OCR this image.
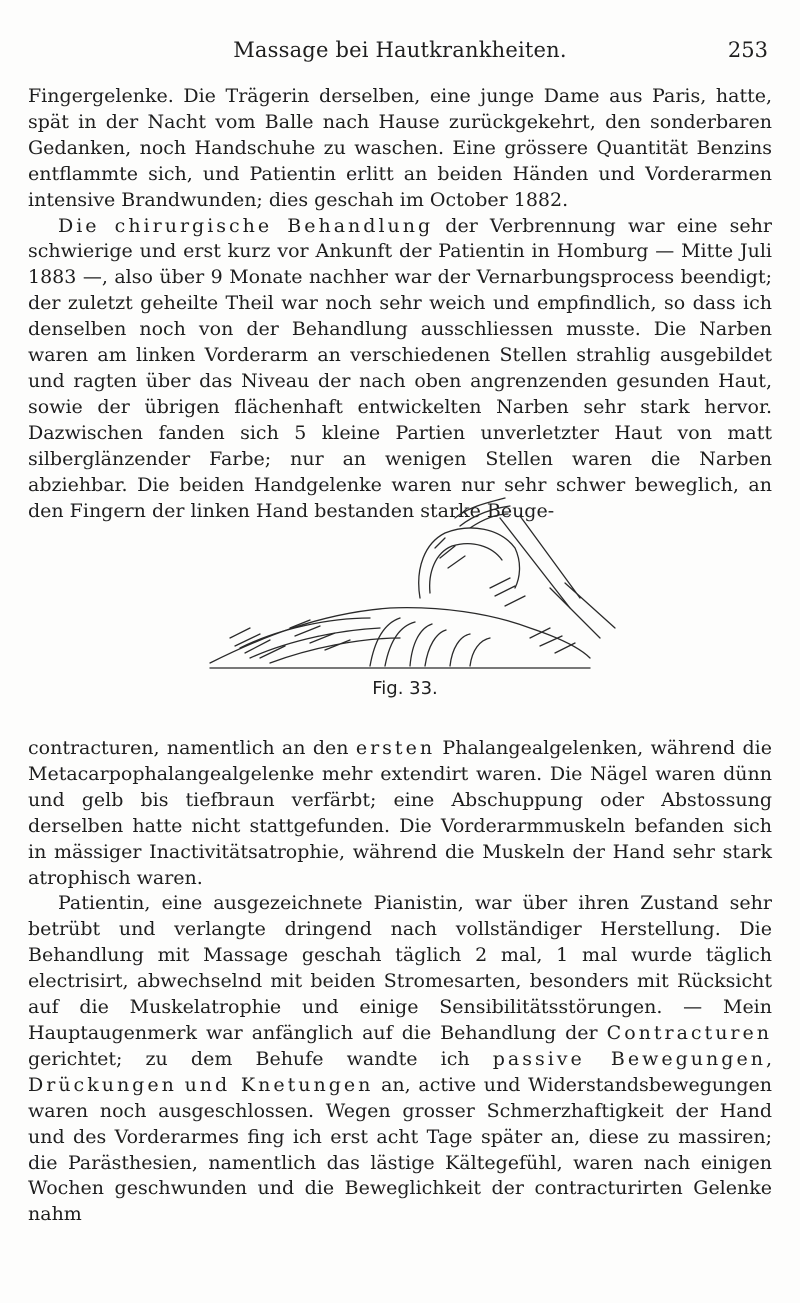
Massage bei Hautkrankheiten.	253

Fingergelenke. Die Trägerin derselben, eine junge Dame aus Paris, hatte, spät in der Nacht vom Balle nach Hause zurückgekehrt, den sonderbaren Gedanken, noch Handschuhe zu waschen. Eine grössere Quantität Benzins entflammte sich, und Patientin erlitt an beiden Händen und Vorderarmen intensive Brandwunden; dies geschah im October 1882.

Die chirurgische Behandlung der Verbrennung war eine sehr schwierige und erst kurz vor Ankunft der Patientin in Homburg — Mitte Juli 1883 —, also über 9 Monate nachher war der Vernarbungsprocess beendigt; der zuletzt geheilte Theil war noch sehr weich und empfindlich, so dass ich denselben noch von der Behandlung ausschliessen musste. Die Narben waren am linken Vorderarm an verschiedenen Stellen strahlig ausgebildet und ragten über das Niveau der nach oben angrenzenden gesunden Haut, sowie der übrigen flächenhaft entwickelten Narben sehr stark hervor. Dazwischen fanden sich 5 kleine Partien unverletzter Haut von matt silberglänzender Farbe; nur an wenigen Stellen waren die Narben abziehbar. Die beiden Handgelenke waren nur sehr schwer beweglich, an den Fingern der linken Hand bestanden starke Beuge-

Fig. 33.

contracturen, namentlich an den ersten Phalangealgelenken, während die Metacarpophalangealgelenke mehr extendirt waren. Die Nägel waren dünn und gelb bis tiefbraun verfärbt; eine Abschuppung oder Abstossung derselben hatte nicht stattgefunden. Die Vorderarmmuskeln befanden sich in mässiger Inactivitätsatrophie, während die Muskeln der Hand sehr stark atrophisch waren.

Patientin, eine ausgezeichnete Pianistin, war über ihren Zustand sehr betrübt und verlangte dringend nach vollständiger Herstellung. Die Behandlung mit Massage geschah täglich 2 mal, 1 mal wurde täglich electrisirt, abwechselnd mit beiden Stromesarten, besonders mit Rücksicht auf die Muskelatrophie und einige Sensibilitätsstörungen. — Mein Hauptaugenmerk war anfänglich auf die Behandlung der Contracturen gerichtet; zu dem Behufe wandte ich passive Bewegungen, Drückungen und Knetungen an, active und Widerstandsbewegungen waren noch ausgeschlossen. Wegen grosser Schmerzhaftigkeit der Hand und des Vorderarmes fing ich erst acht Tage später an, diese zu massiren; die Parästhesien, namentlich das lästige Kältegefühl, waren nach einigen Wochen geschwunden und die Beweglichkeit der contracturirten Gelenke nahm
